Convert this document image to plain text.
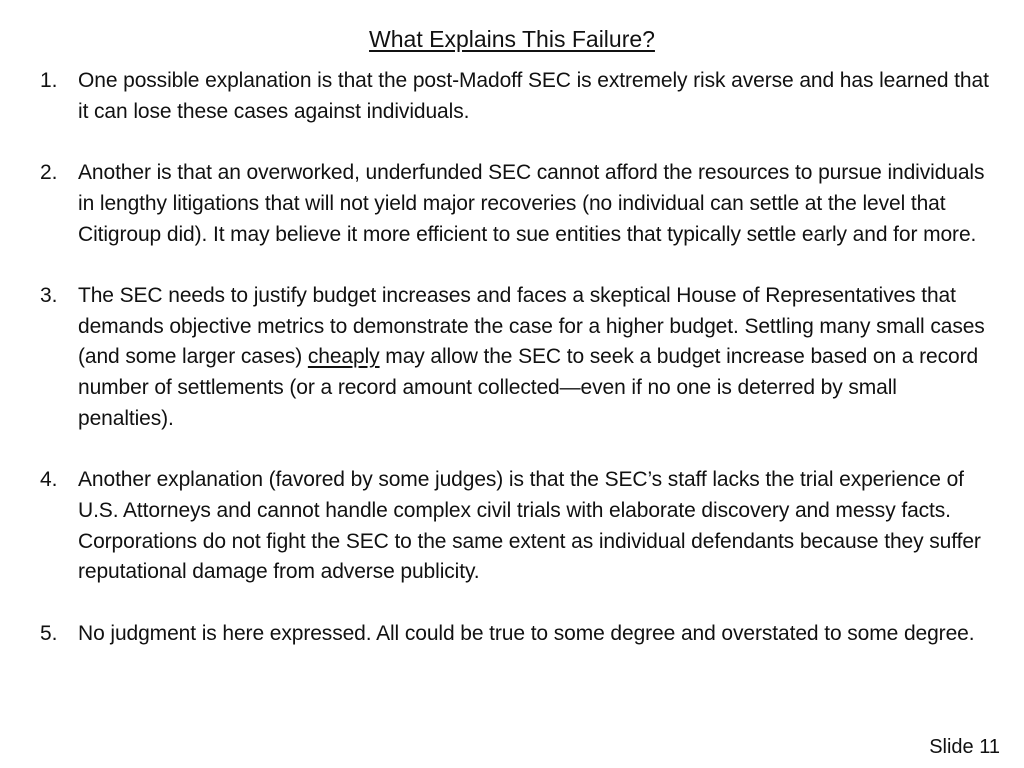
What Explains This Failure?
1. One possible explanation is that the post-Madoff SEC is extremely risk averse and has learned that it can lose these cases against individuals.
2. Another is that an overworked, underfunded SEC cannot afford the resources to pursue individuals in lengthy litigations that will not yield major recoveries (no individual can settle at the level that Citigroup did). It may believe it more efficient to sue entities that typically settle early and for more.
3. The SEC needs to justify budget increases and faces a skeptical House of Representatives that demands objective metrics to demonstrate the case for a higher budget. Settling many small cases (and some larger cases) cheaply may allow the SEC to seek a budget increase based on a record number of settlements (or a record amount collected—even if no one is deterred by small penalties).
4. Another explanation (favored by some judges) is that the SEC’s staff lacks the trial experience of U.S. Attorneys and cannot handle complex civil trials with elaborate discovery and messy facts. Corporations do not fight the SEC to the same extent as individual defendants because they suffer reputational damage from adverse publicity.
5. No judgment is here expressed. All could be true to some degree and overstated to some degree.
Slide 11
